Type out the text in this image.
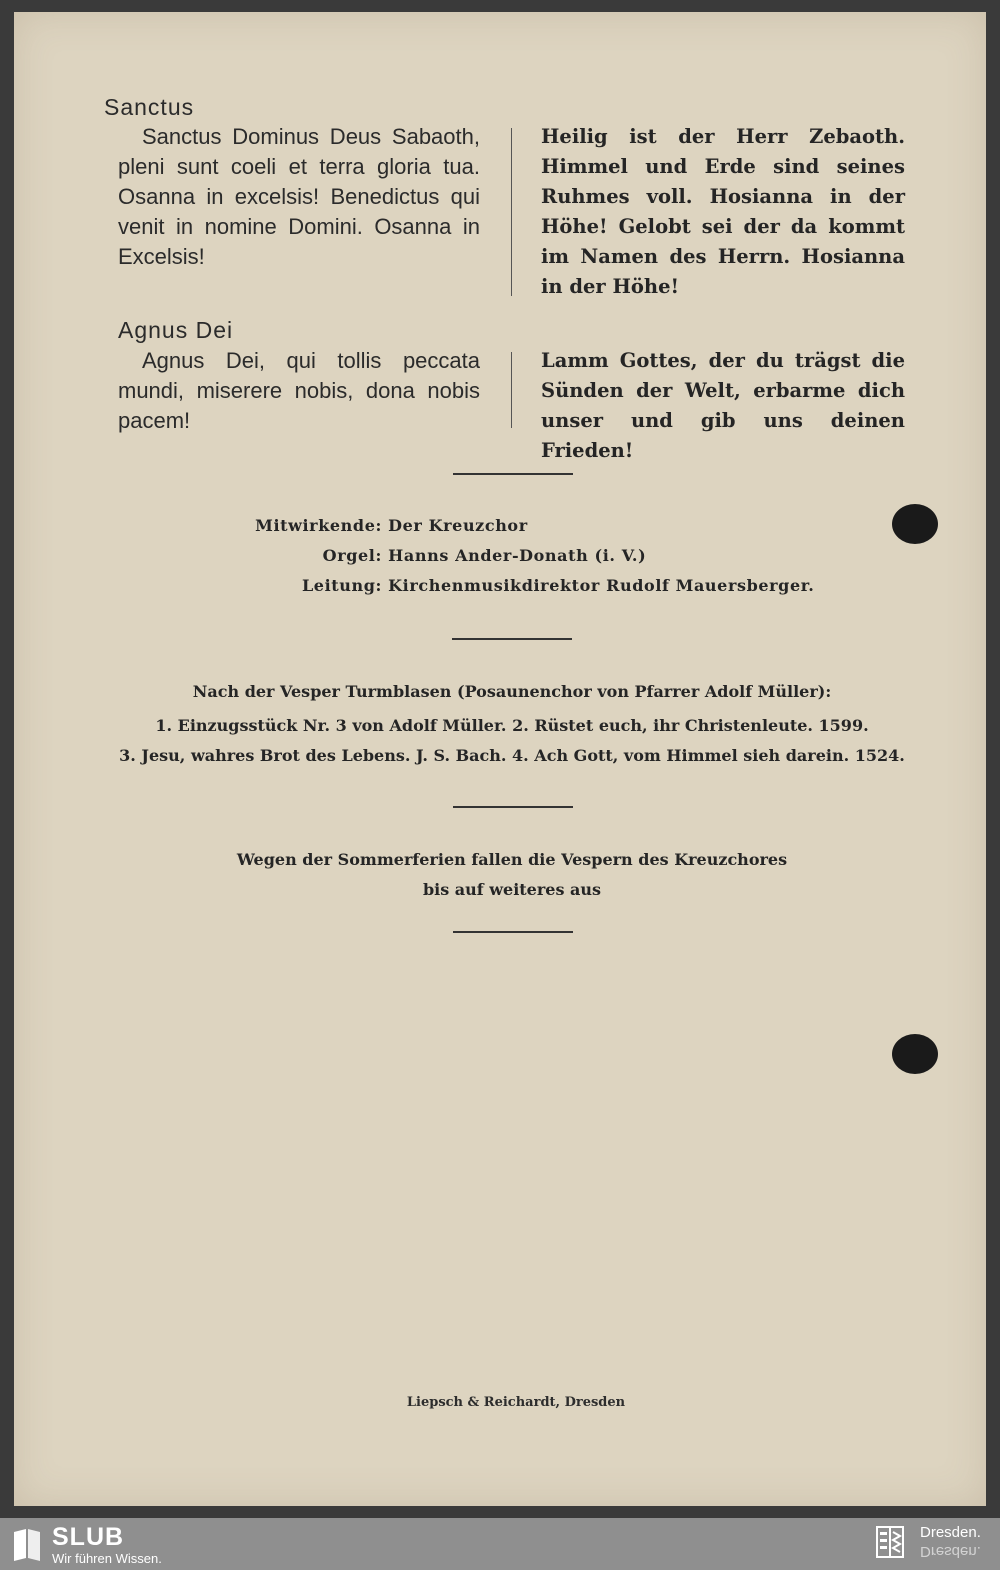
Sanctus

Sanctus Dominus Deus Sabaoth, pleni sunt coeli et terra gloria tua. Osanna in excelsis! Benedictus qui venit in nomine Domini. Osanna in Excelsis!

Heilig ist der Herr Zebaoth. Himmel und Erde sind seines Ruhmes voll. Hosianna in der Höhe! Gelobt sei der da kommt im Namen des Herrn. Hosianna in der Höhe!

Agnus Dei

Agnus Dei, qui tollis peccata mundi, miserere nobis, dona nobis pacem!

Lamm Gottes, der du trägst die Sünden der Welt, erbarme dich unser und gib uns deinen Frieden!

Mitwirkende: Der Kreuzchor
Orgel: Hanns Ander-Donath (i. V.)
Leitung: Kirchenmusikdirektor Rudolf Mauersberger.
Nach der Vesper Turmblasen (Posaunenchor von Pfarrer Adolf Müller):
1. Einzugsstück Nr. 3 von Adolf Müller. 2. Rüstet euch, ihr Christenleute. 1599.
3. Jesu, wahres Brot des Lebens. J. S. Bach. 4. Ach Gott, vom Himmel sieh darein. 1524.
Wegen der Sommerferien fallen die Vespern des Kreuzchores
bis auf weiteres aus
Liepsch & Reichardt, Dresden
SLUB
Wir führen Wissen.
Dresden.
Dresden.
